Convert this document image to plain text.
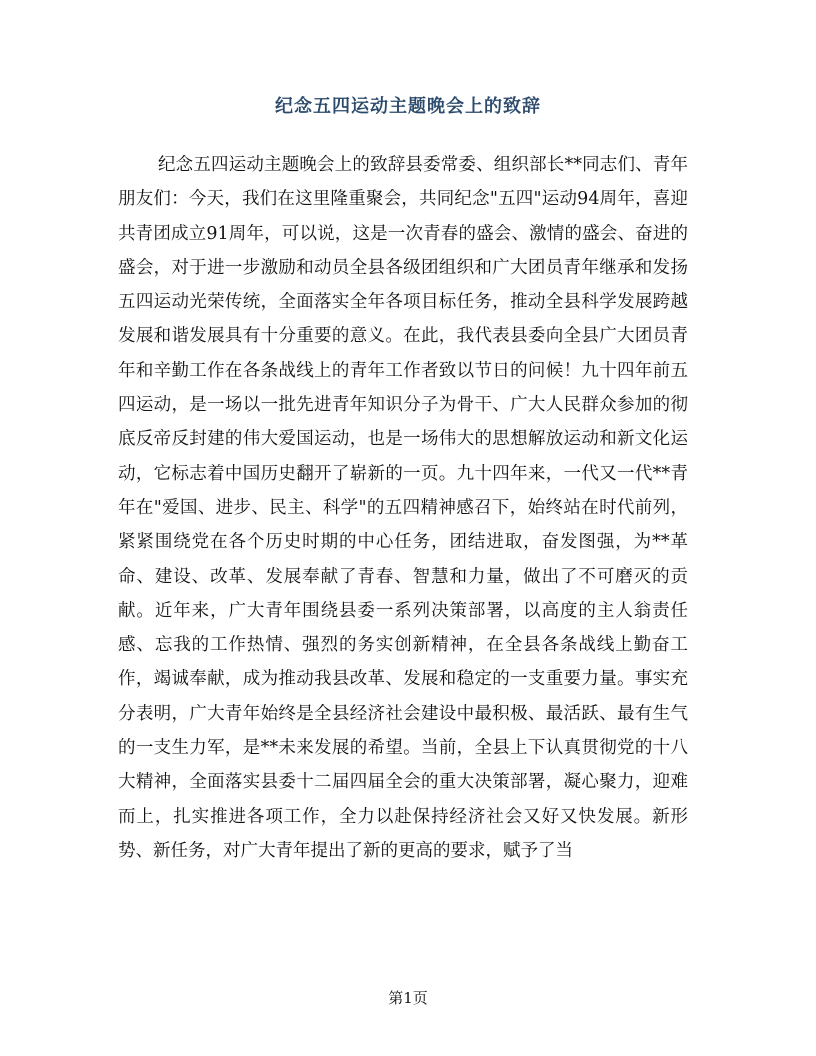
纪念五四运动主题晚会上的致辞

纪念五四运动主题晚会上的致辞县委常委、组织部长**同志们、青年朋友们：今天，我们在这里隆重聚会，共同纪念"五四"运动94周年，喜迎共青团成立91周年，可以说，这是一次青春的盛会、激情的盛会、奋进的盛会，对于进一步激励和动员全县各级团组织和广大团员青年继承和发扬五四运动光荣传统，全面落实全年各项目标任务，推动全县科学发展跨越发展和谐发展具有十分重要的意义。在此，我代表县委向全县广大团员青年和辛勤工作在各条战线上的青年工作者致以节日的问候！九十四年前五四运动，是一场以一批先进青年知识分子为骨干、广大人民群众参加的彻底反帝反封建的伟大爱国运动，也是一场伟大的思想解放运动和新文化运动，它标志着中国历史翻开了崭新的一页。九十四年来，一代又一代**青年在"爱国、进步、民主、科学"的五四精神感召下，始终站在时代前列，紧紧围绕党在各个历史时期的中心任务，团结进取，奋发图强，为**革命、建设、改革、发展奉献了青春、智慧和力量，做出了不可磨灭的贡献。近年来，广大青年围绕县委一系列决策部署，以高度的主人翁责任感、忘我的工作热情、强烈的务实创新精神，在全县各条战线上勤奋工作，竭诚奉献，成为推动我县改革、发展和稳定的一支重要力量。事实充分表明，广大青年始终是全县经济社会建设中最积极、最活跃、最有生气的一支生力军，是**未来发展的希望。当前，全县上下认真贯彻党的十八大精神，全面落实县委十二届四届全会的重大决策部署，凝心聚力，迎难而上，扎实推进各项工作，全力以赴保持经济社会又好又快发展。新形势、新任务，对广大青年提出了新的更高的要求，赋予了当

第1页
